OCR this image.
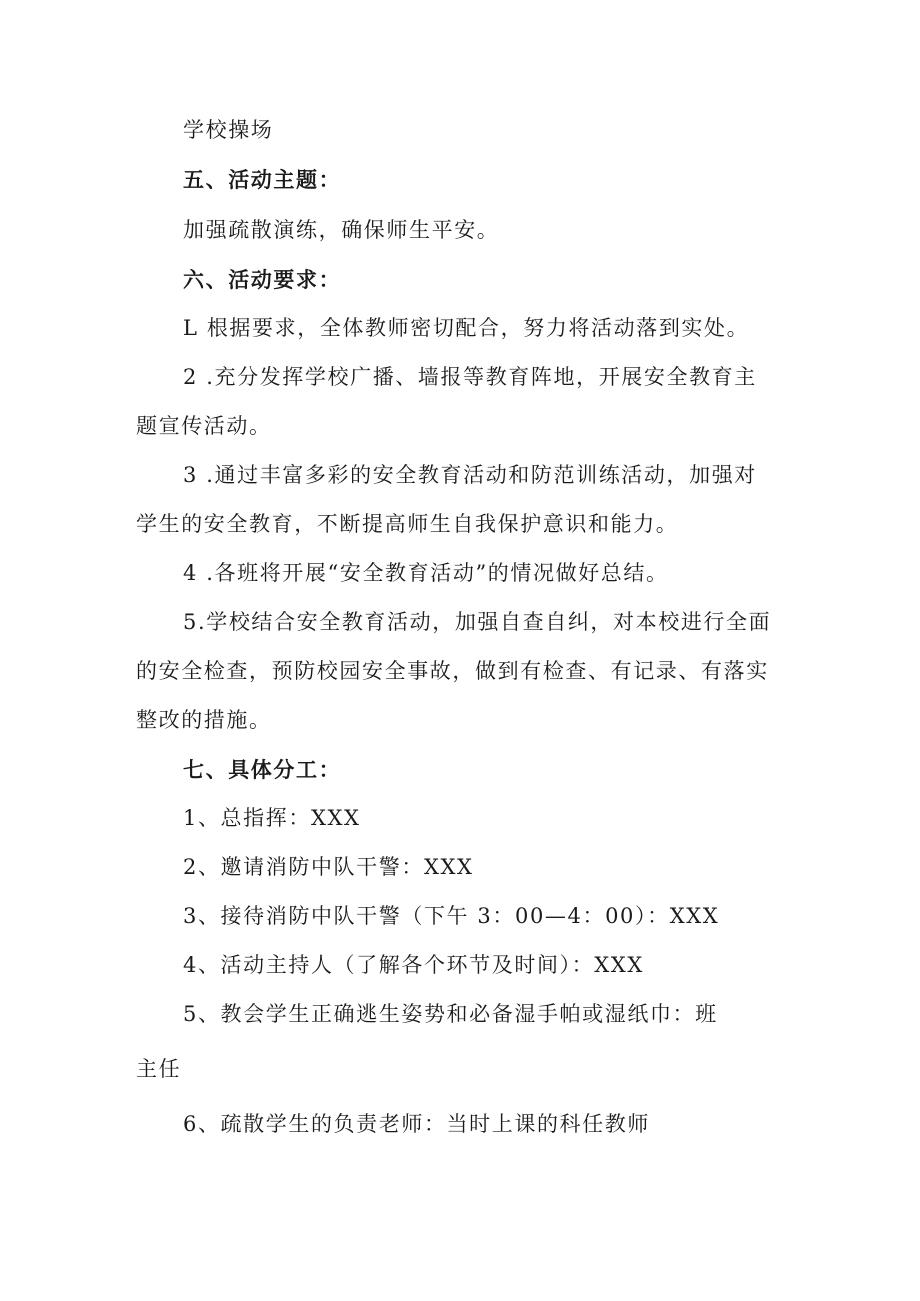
学校操场
五、活动主题：
加强疏散演练，确保师生平安。
六、活动要求：
L 根据要求，全体教师密切配合，努力将活动落到实处。
2 .充分发挥学校广播、墙报等教育阵地，开展安全教育主
题宣传活动。
3 .通过丰富多彩的安全教育活动和防范训练活动，加强对
学生的安全教育，不断提高师生自我保护意识和能力。
4 .各班将开展“安全教育活动”的情况做好总结。
5.学校结合安全教育活动，加强自查自纠，对本校进行全面
的安全检查，预防校园安全事故，做到有检查、有记录、有落实
整改的措施。
七、具体分工：
1、总指挥：XXX
2、邀请消防中队干警：XXX
3、接待消防中队干警（下午 3：00—4：00）：XXX
4、活动主持人（了解各个环节及时间）：XXX
5、教会学生正确逃生姿势和必备湿手帕或湿纸巾：班
主任
6、疏散学生的负责老师：当时上课的科任教师
